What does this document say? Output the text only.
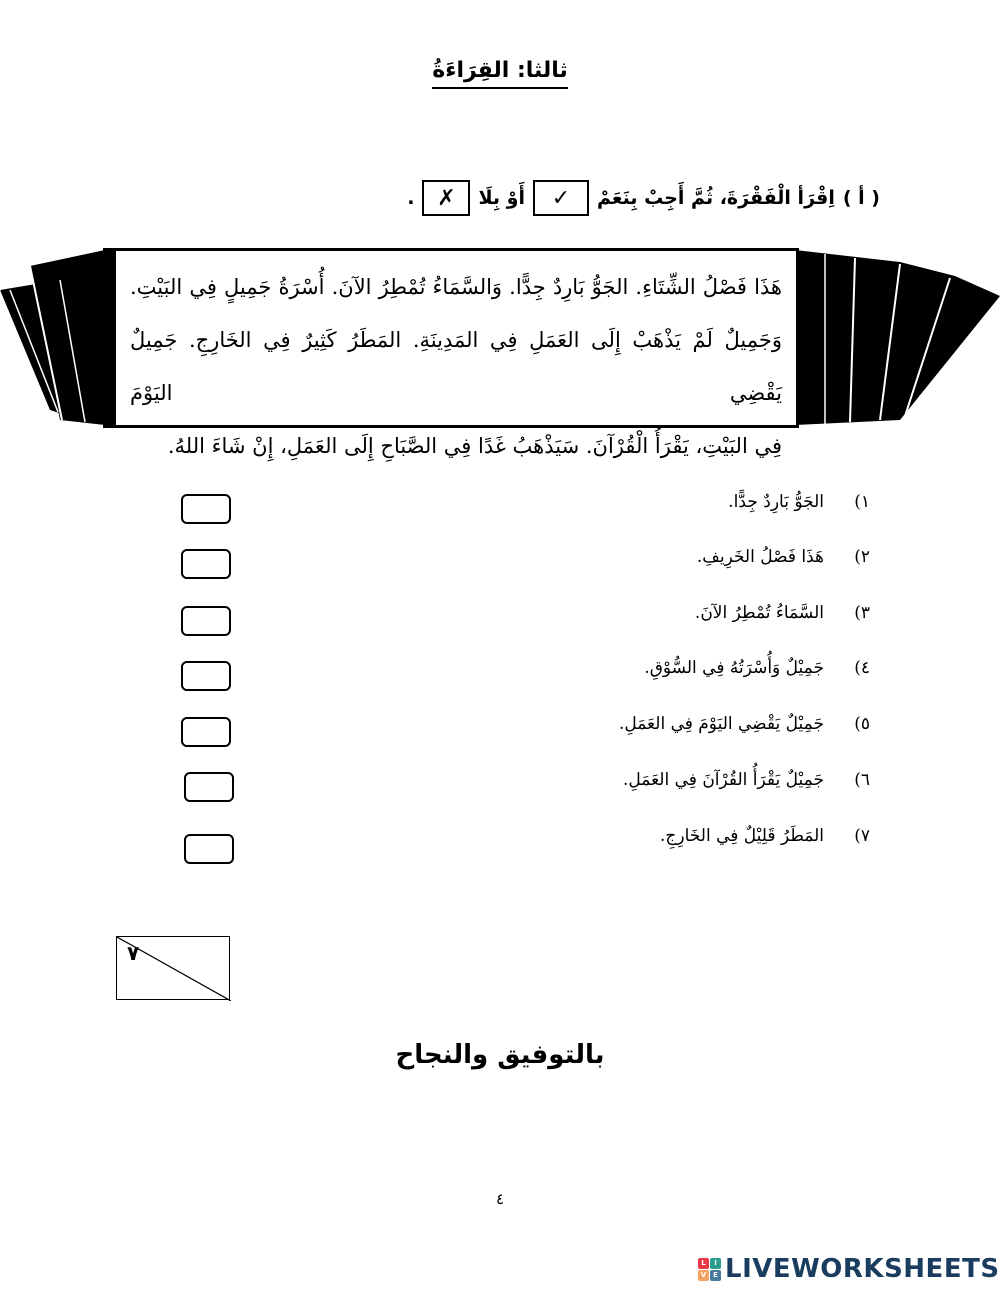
ثالثا: القِرَاءَةُ
( أ )
اِقْرَأ الْفَقْرَةَ، ثُمَّ أَجِبْ بِنَعَمْ
✓
أَوْ بِلَا
✗
.

هَذَا فَصْلُ الشِّتَاءِ. الجَوُّ بَارِدٌ جِدًّا. وَالسَّمَاءُ تُمْطِرُ الآنَ. أُسْرَةُ جَمِيلٍ فِي البَيْتِ.

وَجَمِيلٌ لَمْ يَذْهَبْ إِلَى العَمَلِ فِي المَدِينَةِ. المَطَرُ كَثِيرٌ فِي الخَارِجِ. جَمِيلٌ يَقْضِي اليَوْمَ

فِي البَيْتِ، يَقْرَأُ الْقُرْآنَ. سَيَذْهَبُ غَدًا فِي الصَّبَاحِ إِلَى العَمَلِ، إِنْ شَاءَ اللهُ.

١)
الجَوُّ بَارِدٌ جِدًّا.
٢)
هَذَا فَصْلُ الخَرِيفِ.
٣)
السَّمَاءُ تُمْطِرُ الآنَ.
٤)
جَمِيْلٌ وَأُسْرَتُهُ فِي السُّوْقِ.
٥)
جَمِيْلٌ يَقْضِي اليَوْمَ فِي العَمَلِ.
٦)
جَمِيْلٌ يَقْرَأُ القُرْآنَ فِي العَمَلِ.
٧)
المَطَرُ قَلِيْلٌ فِي الخَارِجِ.
٧
بالتوفيق والنجاح
٤
L	I
V E LIVEWORKSHEETS
